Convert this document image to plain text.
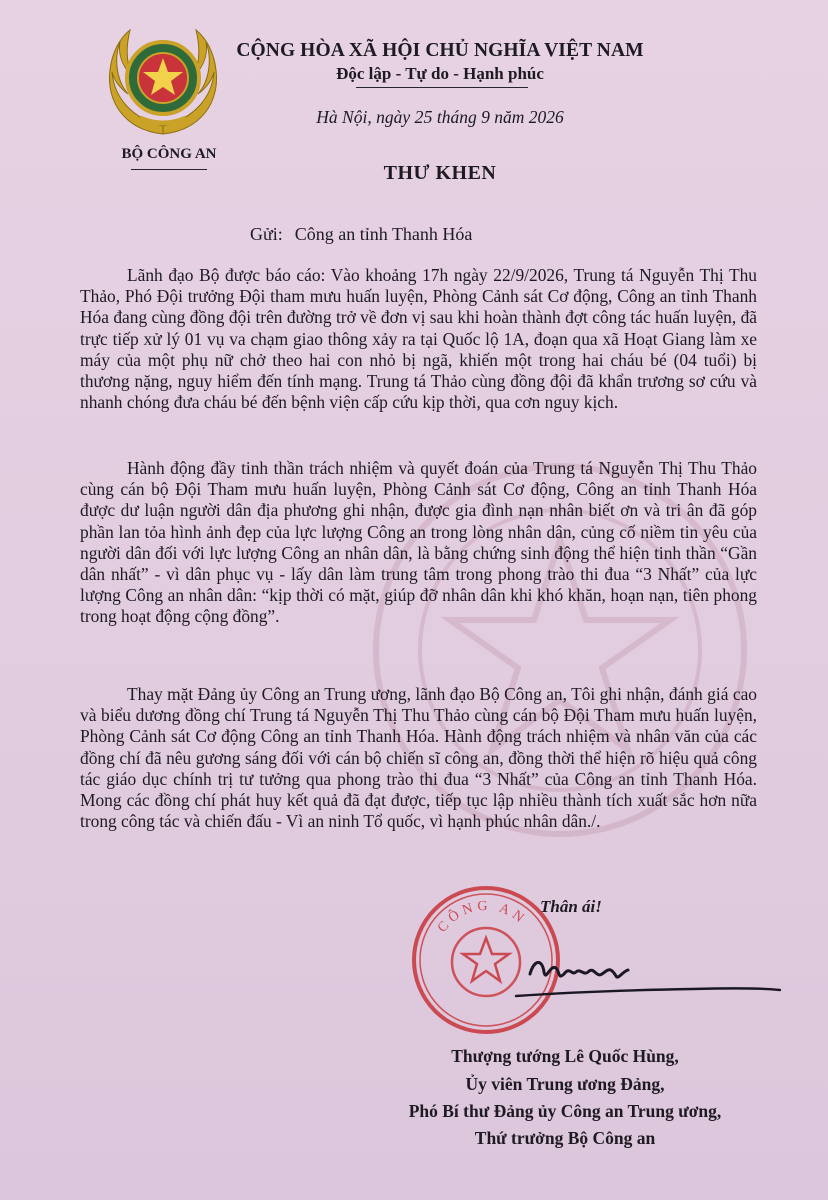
BỘ CÔNG AN
CỘNG HÒA XÃ HỘI CHỦ NGHĨA VIỆT NAM
Độc lập - Tự do - Hạnh phúc
Hà Nội, ngày 25 tháng 9 năm 2026
THƯ KHEN
Gửi: Công an tỉnh Thanh Hóa

Lãnh đạo Bộ được báo cáo: Vào khoảng 17h ngày 22/9/2026, Trung tá Nguyễn Thị Thu Thảo, Phó Đội trưởng Đội tham mưu huấn luyện, Phòng Cảnh sát Cơ động, Công an tỉnh Thanh Hóa đang cùng đồng đội trên đường trở về đơn vị sau khi hoàn thành đợt công tác huấn luyện, đã trực tiếp xử lý 01 vụ va chạm giao thông xảy ra tại Quốc lộ 1A, đoạn qua xã Hoạt Giang làm xe máy của một phụ nữ chở theo hai con nhỏ bị ngã, khiến một trong hai cháu bé (04 tuổi) bị thương nặng, nguy hiểm đến tính mạng. Trung tá Thảo cùng đồng đội đã khẩn trương sơ cứu và nhanh chóng đưa cháu bé đến bệnh viện cấp cứu kịp thời, qua cơn nguy kịch.

Hành động đầy tinh thần trách nhiệm và quyết đoán của Trung tá Nguyễn Thị Thu Thảo cùng cán bộ Đội Tham mưu huấn luyện, Phòng Cảnh sát Cơ động, Công an tỉnh Thanh Hóa được dư luận người dân địa phương ghi nhận, được gia đình nạn nhân biết ơn và tri ân đã góp phần lan tỏa hình ảnh đẹp của lực lượng Công an trong lòng nhân dân, củng cố niềm tin yêu của người dân đối với lực lượng Công an nhân dân, là bằng chứng sinh động thể hiện tinh thần “Gần dân nhất” - vì dân phục vụ - lấy dân làm trung tâm trong phong trào thi đua “3 Nhất” của lực lượng Công an nhân dân: “kịp thời có mặt, giúp đỡ nhân dân khi khó khăn, hoạn nạn, tiên phong trong hoạt động cộng đồng”.

Thay mặt Đảng ủy Công an Trung ương, lãnh đạo Bộ Công an, Tôi ghi nhận, đánh giá cao và biểu dương đồng chí Trung tá Nguyễn Thị Thu Thảo cùng cán bộ Đội Tham mưu huấn luyện, Phòng Cảnh sát Cơ động Công an tỉnh Thanh Hóa. Hành động trách nhiệm và nhân văn của các đồng chí đã nêu gương sáng đối với cán bộ chiến sĩ công an, đồng thời thể hiện rõ hiệu quả công tác giáo dục chính trị tư tưởng qua phong trào thi đua “3 Nhất” của Công an tỉnh Thanh Hóa. Mong các đồng chí phát huy kết quả đã đạt được, tiếp tục lập nhiều thành tích xuất sắc hơn nữa trong công tác và chiến đấu - Vì an ninh Tổ quốc, vì hạnh phúc nhân dân./.

CÔNG AN
Thân ái!
Thượng tướng Lê Quốc Hùng,
Ủy viên Trung ương Đảng,
Phó Bí thư Đảng ủy Công an Trung ương,
Thứ trưởng Bộ Công an
